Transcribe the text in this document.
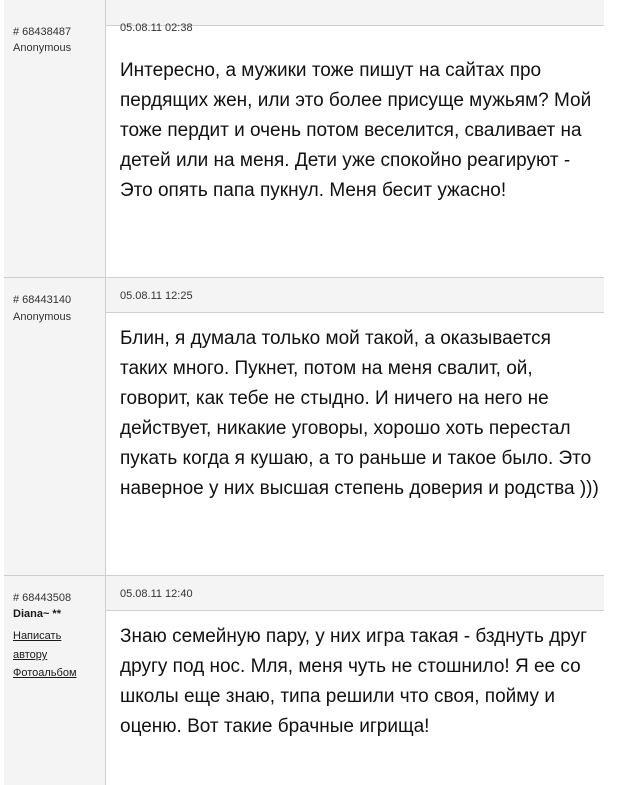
# 68438487
Anonymous
05.08.11 02:38
Интересно, а мужики тоже пишут на сайтах про пердящих жен, или это более присуще мужьям? Мой тоже пердит и очень потом веселится, сваливает на детей или на меня. Дети уже спокойно реагируют - Это опять папа пукнул. Меня бесит ужасно!
# 68443140
Anonymous
05.08.11 12:25
Блин, я думала только мой такой, а оказывается таких много. Пукнет, потом на меня свалит, ой, говорит, как тебе не стыдно. И ничего на него не действует, никакие уговоры, хорошо хоть перестал пукать когда я кушаю, а то раньше и такое было. Это наверное у них высшая степень доверия и родства )))
# 68443508
Diana~ **
Написать
автору
Фотоальбом
05.08.11 12:40
Знаю семейную пару, у них игра такая - бзднуть друг другу под нос. Мля, меня чуть не стошнило! Я ее со школы еще знаю, типа решили что своя, пойму и оценю. Вот такие брачные игрища!
